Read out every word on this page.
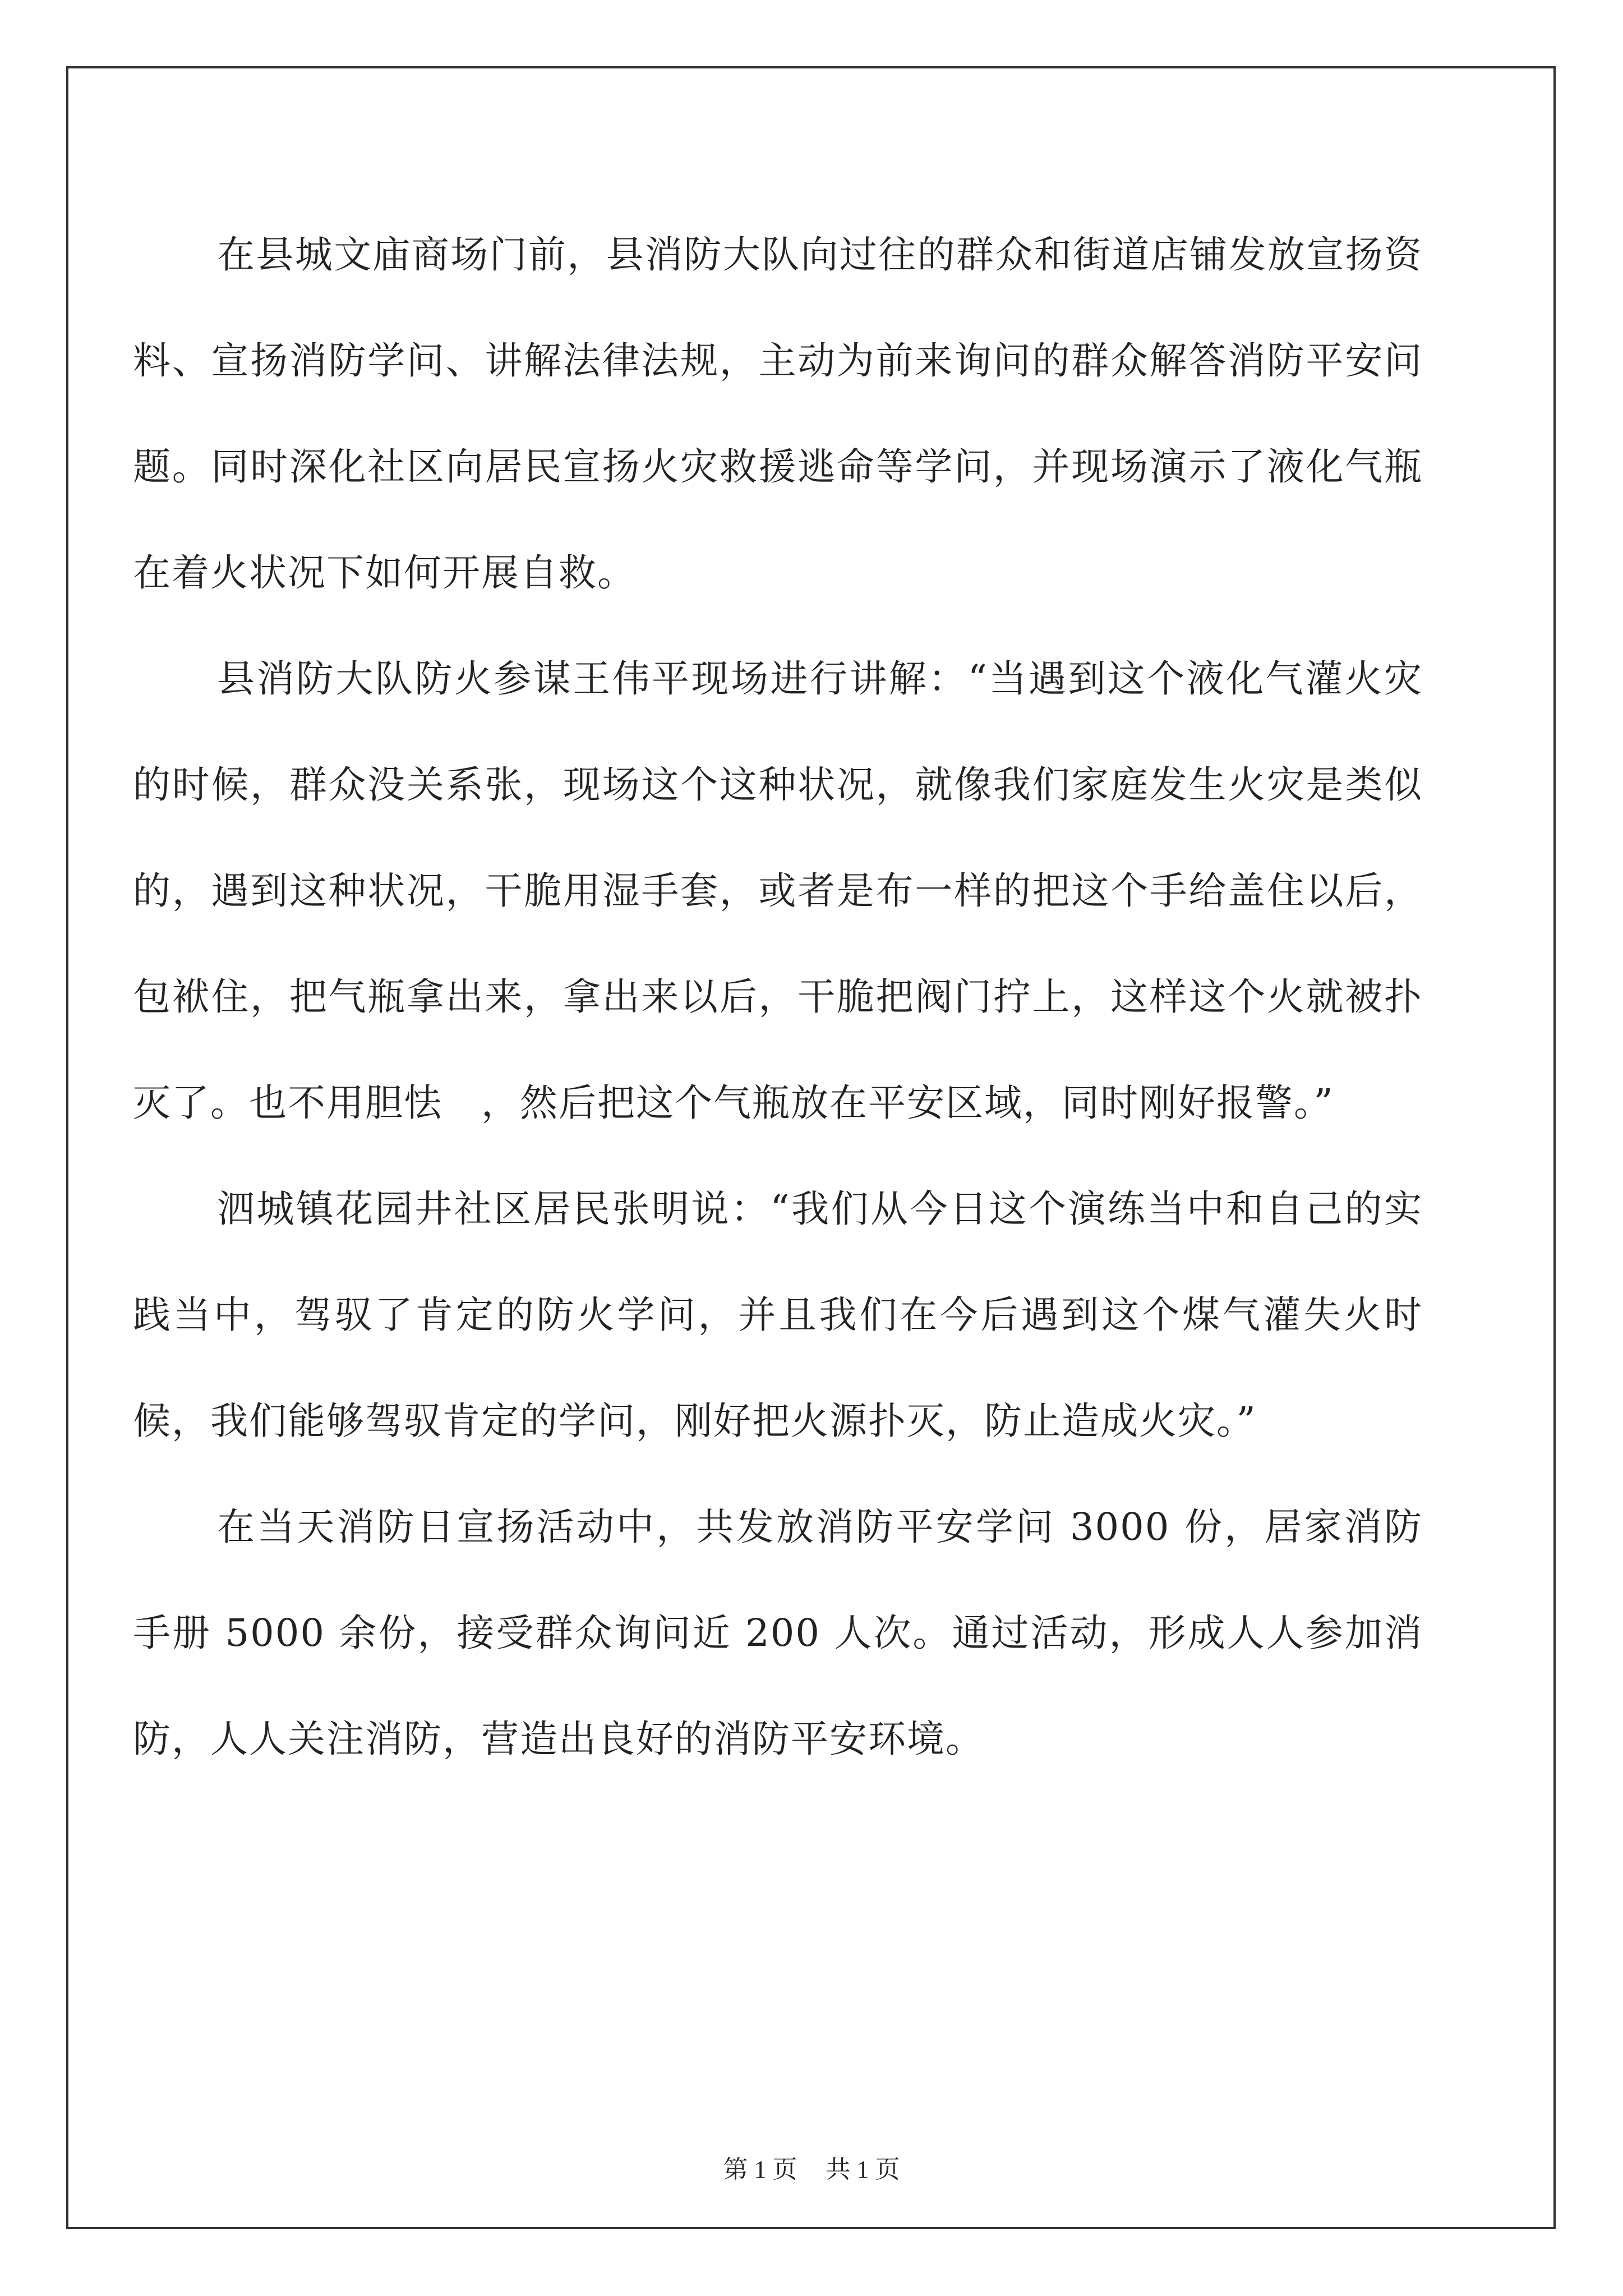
在县城文庙商场门前，县消防大队向过往的群众和街道店铺发放宣扬资料、宣扬消防学问、讲解法律法规，主动为前来询问的群众解答消防平安问题。同时深化社区向居民宣扬火灾救援逃命等学问，并现场演示了液化气瓶在着火状况下如何开展自救。

县消防大队防火参谋王伟平现场进行讲解：“当遇到这个液化气灌火灾的时候，群众没关系张，现场这个这种状况，就像我们家庭发生火灾是类似的，遇到这种状况，干脆用湿手套，或者是布一样的把这个手给盖住以后，包袱住，把气瓶拿出来，拿出来以后，干脆把阀门拧上，这样这个火就被扑灭了。也不用胆怯　，然后把这个气瓶放在平安区域，同时刚好报警。”

泗城镇花园井社区居民张明说：“我们从今日这个演练当中和自己的实践当中，驾驭了肯定的防火学问，并且我们在今后遇到这个煤气灌失火时候，我们能够驾驭肯定的学问，刚好把火源扑灭，防止造成火灾。”

在当天消防日宣扬活动中，共发放消防平安学问 3000 份，居家消防手册 5000 余份，接受群众询问近 200 人次。通过活动，形成人人参加消防，人人关注消防，营造出良好的消防平安环境。

第 1 页 共 1 页
